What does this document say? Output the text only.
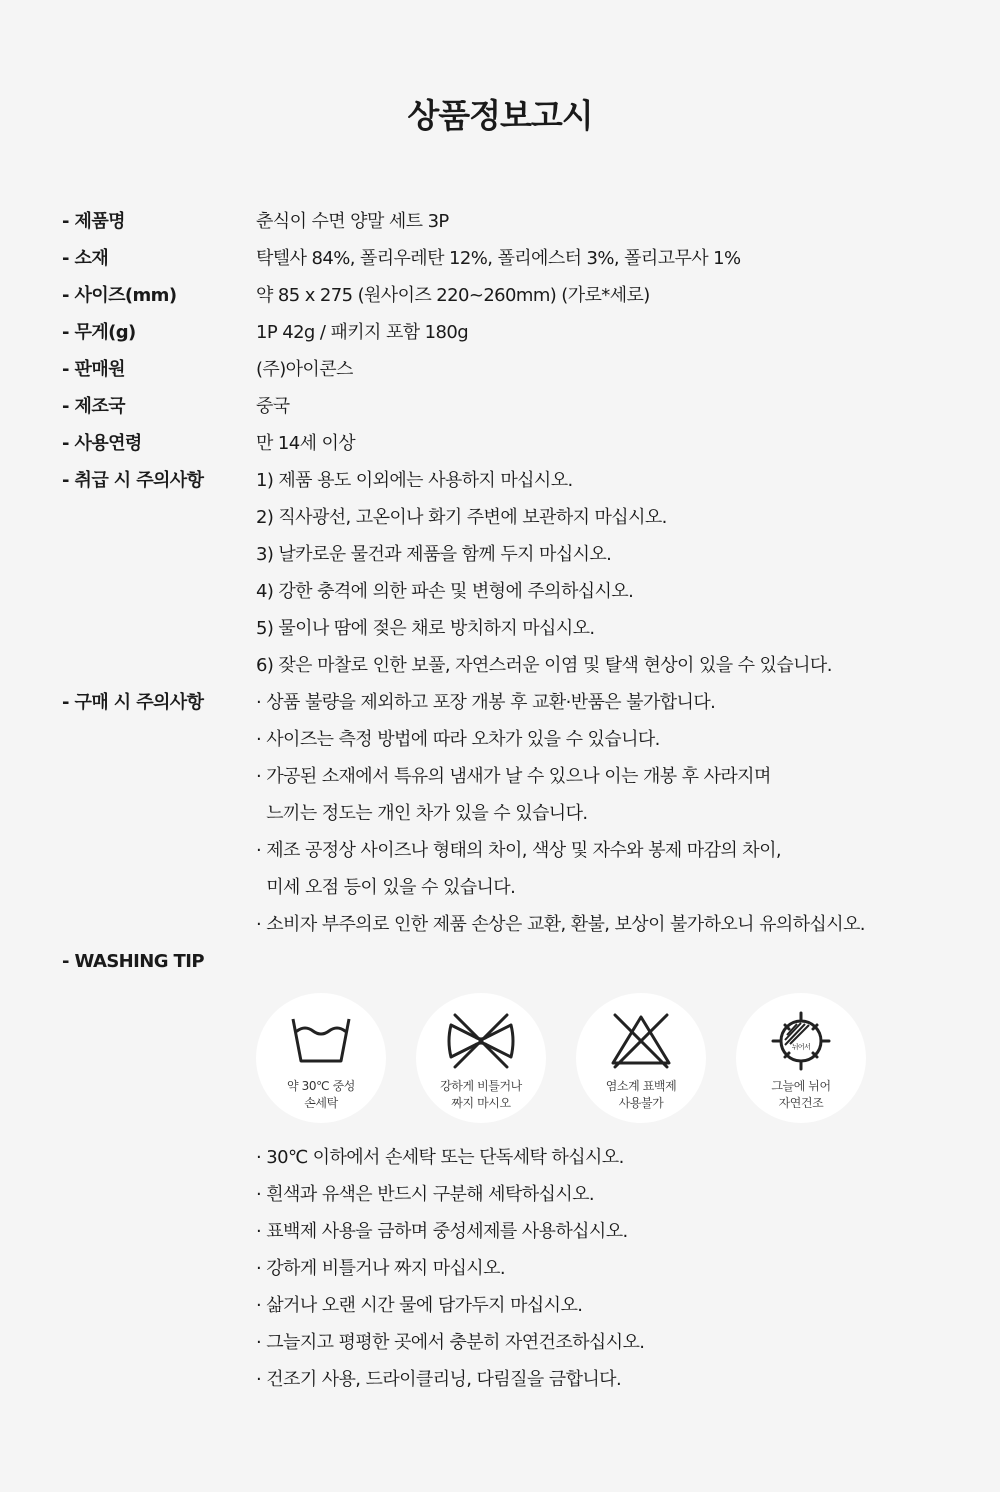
상품정보고시
- 제품명	춘식이 수면 양말 세트 3P
- 소재	탁텔사 84%, 폴리우레탄 12%, 폴리에스터 3%, 폴리고무사 1%
- 사이즈(mm)	약 85 x 275 (원사이즈 220~260mm) (가로*세로)
- 무게(g)	1P 42g / 패키지 포함 180g
- 판매원	(주)아이콘스
- 제조국	중국
- 사용연령	만 14세 이상
- 취급 시 주의사항	1) 제품 용도 이외에는 사용하지 마십시오.
2) 직사광선, 고온이나 화기 주변에 보관하지 마십시오.
3) 날카로운 물건과 제품을 함께 두지 마십시오.
4) 강한 충격에 의한 파손 및 변형에 주의하십시오.
5) 물이나 땀에 젖은 채로 방치하지 마십시오.
6) 잦은 마찰로 인한 보풀, 자연스러운 이염 및 탈색 현상이 있을 수 있습니다.
- 구매 시 주의사항	· 상품 불량을 제외하고 포장 개봉 후 교환·반품은 불가합니다.
· 사이즈는 측정 방법에 따라 오차가 있을 수 있습니다.
· 가공된 소재에서 특유의 냄새가 날 수 있으나 이는 개봉 후 사라지며
느끼는 정도는 개인 차가 있을 수 있습니다.
· 제조 공정상 사이즈나 형태의 차이, 색상 및 자수와 봉제 마감의 차이,
미세 오점 등이 있을 수 있습니다.
· 소비자 부주의로 인한 제품 손상은 교환, 환불, 보상이 불가하오니 유의하십시오.
- WASHING TIP
약 30℃ 중성
손세탁
강하게 비틀거나
짜지 마시오
염소계 표백제
사용불가
뉘어서
그늘에 뉘어
자연건조
· 30℃ 이하에서 손세탁 또는 단독세탁 하십시오.
· 흰색과 유색은 반드시 구분해 세탁하십시오.
· 표백제 사용을 금하며 중성세제를 사용하십시오.
· 강하게 비틀거나 짜지 마십시오.
· 삶거나 오랜 시간 물에 담가두지 마십시오.
· 그늘지고 평평한 곳에서 충분히 자연건조하십시오.
· 건조기 사용, 드라이클리닝, 다림질을 금합니다.
